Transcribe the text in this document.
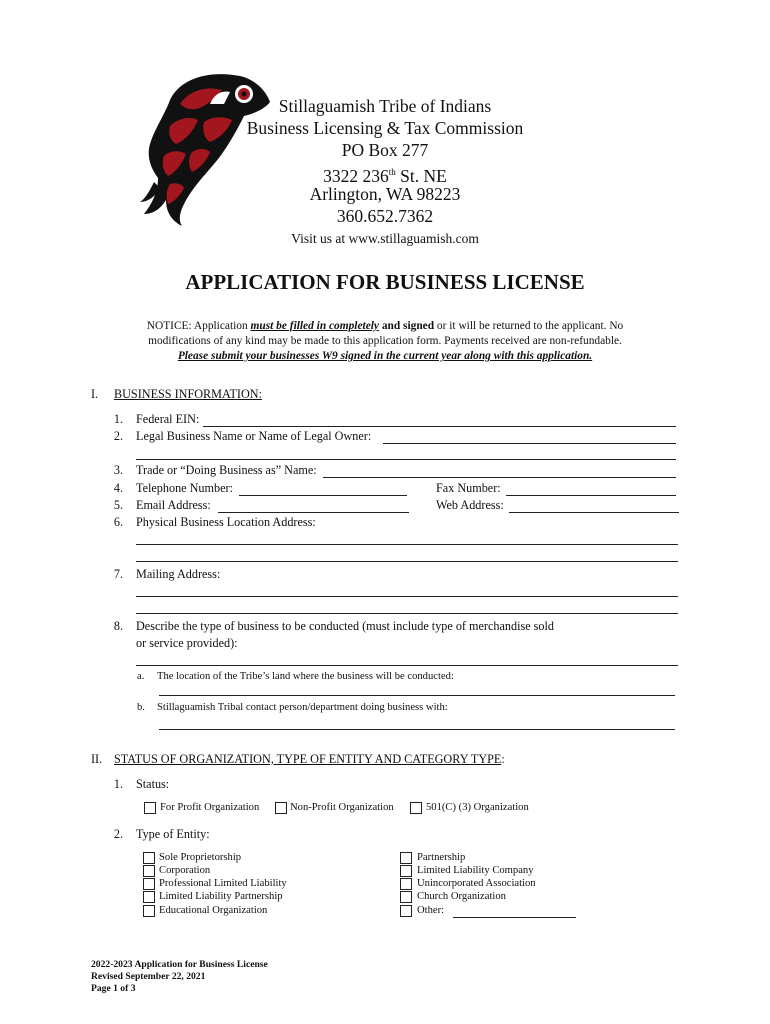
Stillaguamish Tribe of Indians
Business Licensing & Tax Commission
PO Box 277
3322 236th St. NE
Arlington, WA 98223
360.652.7362
Visit us at www.stillaguamish.com
APPLICATION FOR BUSINESS LICENSE
NOTICE: Application must be filled in completely and signed or it will be returned to the applicant. No
modifications of any kind may be made to this application form. Payments received are non-refundable.
Please submit your businesses W9 signed in the current year along with this application.
I. BUSINESS INFORMATION:
1. Federal EIN:
2. Legal Business Name or Name of Legal Owner:
3. Trade or “Doing Business as” Name:
4. Telephone Number:	Fax Number:
5. Email Address:	Web Address:
6. Physical Business Location Address:
7. Mailing Address:
8. Describe the type of business to be conducted (must include type of merchandise sold
or service provided):
a. The location of the Tribe’s land where the business will be conducted:
b. Stillaguamish Tribal contact person/department doing business with:
II. STATUS OF ORGANIZATION, TYPE OF ENTITY AND CATEGORY TYPE:
1. Status:
For Profit Organization	Non-Profit Organization	501(C) (3) Organization
2. Type of Entity:
Sole Proprietorship
Corporation
Professional Limited Liability
Limited Liability Partnership
Educational Organization
Partnership
Limited Liability Company
Unincorporated Association
Church Organization
Other:
2022-2023 Application for Business License
Revised September 22, 2021
Page 1 of 3
